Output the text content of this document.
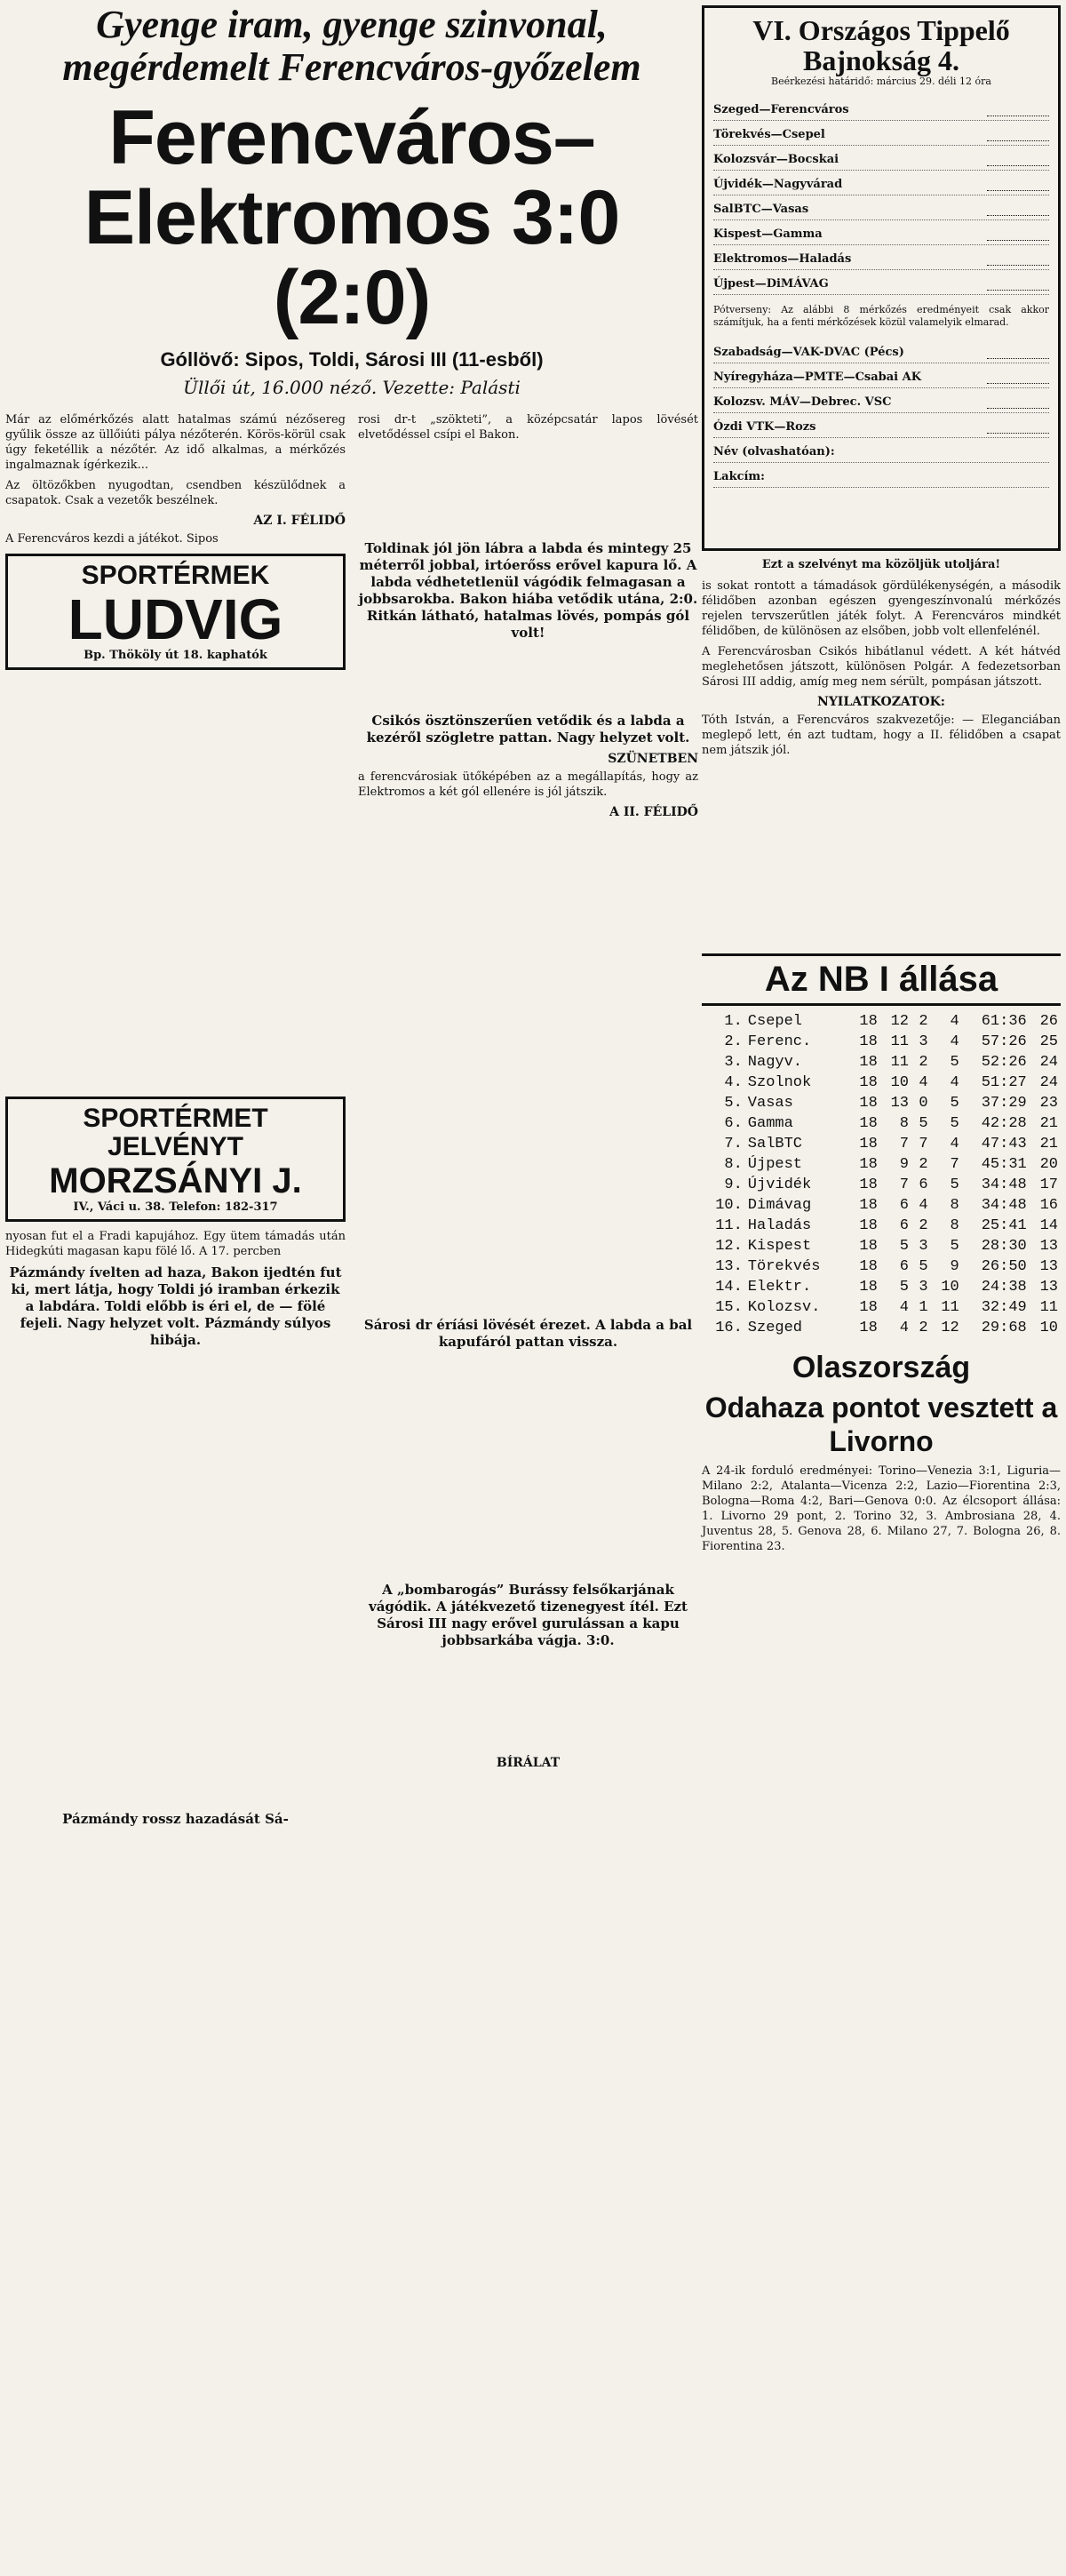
Gyenge iram, gyenge szinvonal, megérdemelt Ferencváros-győzelem
Ferencváros–Elektromos 3:0 (2:0)
Góllövő: Sipos, Toldi, Sárosi III (11-esből)
Üllői út, 16.000 néző. Vezette: Palásti

Már az előmérkőzés alatt hatalmas számú nézősereg gyűlik össze az üllőiúti pálya nézőterén. Körös-körül csak úgy feketéllik a nézőtér. Az idő alkalmas, a mérkőzés ingalmaznak ígérkezik...

Az öltözőkben nyugodtan, csendben készülődnek a csapatok. Csak a vezetők beszélnek.

AZ I. FÉLIDŐ

A Ferencváros kezdi a játékot. Sipos

SPORTÉRMEK
LUDVIG
Bp. Thököly út 18. kaphatók
SPORTÉRMET JELVÉNYT
MORZSÁNYI J.
IV., Váci u. 38. Telefon: 182-317

nyosan fut el a Fradi kapujához. Egy ütem támadás után Hidegkúti magasan kapu fölé lő. A 17. percben

Pázmándy ívelten ad haza, Bakon ijedtén fut ki, mert látja, hogy Toldi jó iramban érkezik a labdára. Toldi előbb is éri el, de — fölé fejeli. Nagy helyzet volt. Pázmándy súlyos hibája.
Pázmándy rossz hazadását Sá-

rosi dr-t „szökteti”, a középcsatár lapos lövését elvetődéssel csípi el Bakon.

Toldinak jól jön lábra a labda és mintegy 25 méterről jobbal, irtóerőss erővel kapura lő. A labda védhetetlenül vágódik felmagasan a jobbsarokba. Bakon hiába vetődik utána, 2:0. Ritkán látható, hatalmas lövés, pompás gól volt!
Csikós ösztönszerűen vetődik és a labda a kezéről szögletre pattan. Nagy helyzet volt.
SZÜNETBEN

a ferencvárosiak ütőképében az a megállapítás, hogy az Elektromos a két gól ellenére is jól játszik.

A II. FÉLIDŐ
Sárosi dr éríási lövését érezet. A labda a bal kapufáról pattan vissza.
A „bombarogás” Burássy felsőkarjának vágódik. A játékvezető tizenegyest ítél. Ezt Sárosi III nagy erővel gurulássan a kapu jobbsarkába vágja. 3:0.
BÍRÁLAT
VI. Országos Tippelő Bajnokság 4.
Beérkezési határidő: március 29. déli 12 óra
Szeged—Ferencváros
Törekvés—Csepel
Kolozsvár—Bocskai
Újvidék—Nagyvárad
SalBTC—Vasas
Kispest—Gamma
Elektromos—Haladás
Újpest—DiMÁVAG

Pótverseny: Az alábbi 8 mérkőzés eredményeit csak akkor számítjuk, ha a fenti mérkőzések közül valamelyik elmarad.

Szabadság—VAK-DVAC (Pécs)
Nyíregyháza—PMTE—Csabai AK
Kolozsv. MÁV—Debrec. VSC
Ózdi VTK—Rozs
Név (olvashatóan):
Lakcím:
Ezt a szelvényt ma közöljük utoljára!

is sokat rontott a támadások gördülékenységén, a második félidőben azonban egészen gyengeszínvonalú mérkőzés rejelen tervszerűtlen játék folyt. A Ferencváros mindkét félidőben, de különösen az elsőben, jobb volt ellenfelénél.

A Ferencvárosban Csikós hibátlanul védett. A két hátvéd meglehetősen játszott, különösen Polgár. A fedezetsorban Sárosi III addig, amíg meg nem sérült, pompásan játszott.

NYILATKOZATOK:

Tóth István, a Ferencváros szakvezetője: — Eleganciában meglepő lett, én azt tudtam, hogy a II. félidőben a csapat nem játszik jól.

Az NB I állása
1.	Csepel	18	12	2	4	61:36	26
2.	Ferenc.	18	11	3	4	57:26	25
3.	Nagyv.	18	11	2	5	52:26	24
4.	Szolnok	18	10	4	4	51:27	24
5.	Vasas	18	13	0	5	37:29	23
6.	Gamma	18	8	5	5	42:28	21
7.	SalBTC	18	7	7	4	47:43	21
8.	Újpest	18	9	2	7	45:31	20
9.	Újvidék	18	7	6	5	34:48	17
10.	Dimávag	18	6	4	8	34:48	16
11.	Haladás	18	6	2	8	25:41	14
12.	Kispest	18	5	3	5	28:30	13
13.	Törekvés	18	6	5	9	26:50	13
14.	Elektr.	18	5	3	10	24:38	13
15.	Kolozsv.	18	4	1	11	32:49	11
16.	Szeged	18	4	2	12	29:68	10
Olaszország
Odahaza pontot vesztett a Livorno

A 24-ik forduló eredményei: Torino—Venezia 3:1, Liguria—Milano 2:2, Atalanta—Vicenza 2:2, Lazio—Fiorentina 2:3, Bologna—Roma 4:2, Bari—Genova 0:0. Az élcsoport állása: 1. Livorno 29 pont, 2. Torino 32, 3. Ambrosiana 28, 4. Juventus 28, 5. Genova 28, 6. Milano 27, 7. Bologna 26, 8. Fiorentina 23.
